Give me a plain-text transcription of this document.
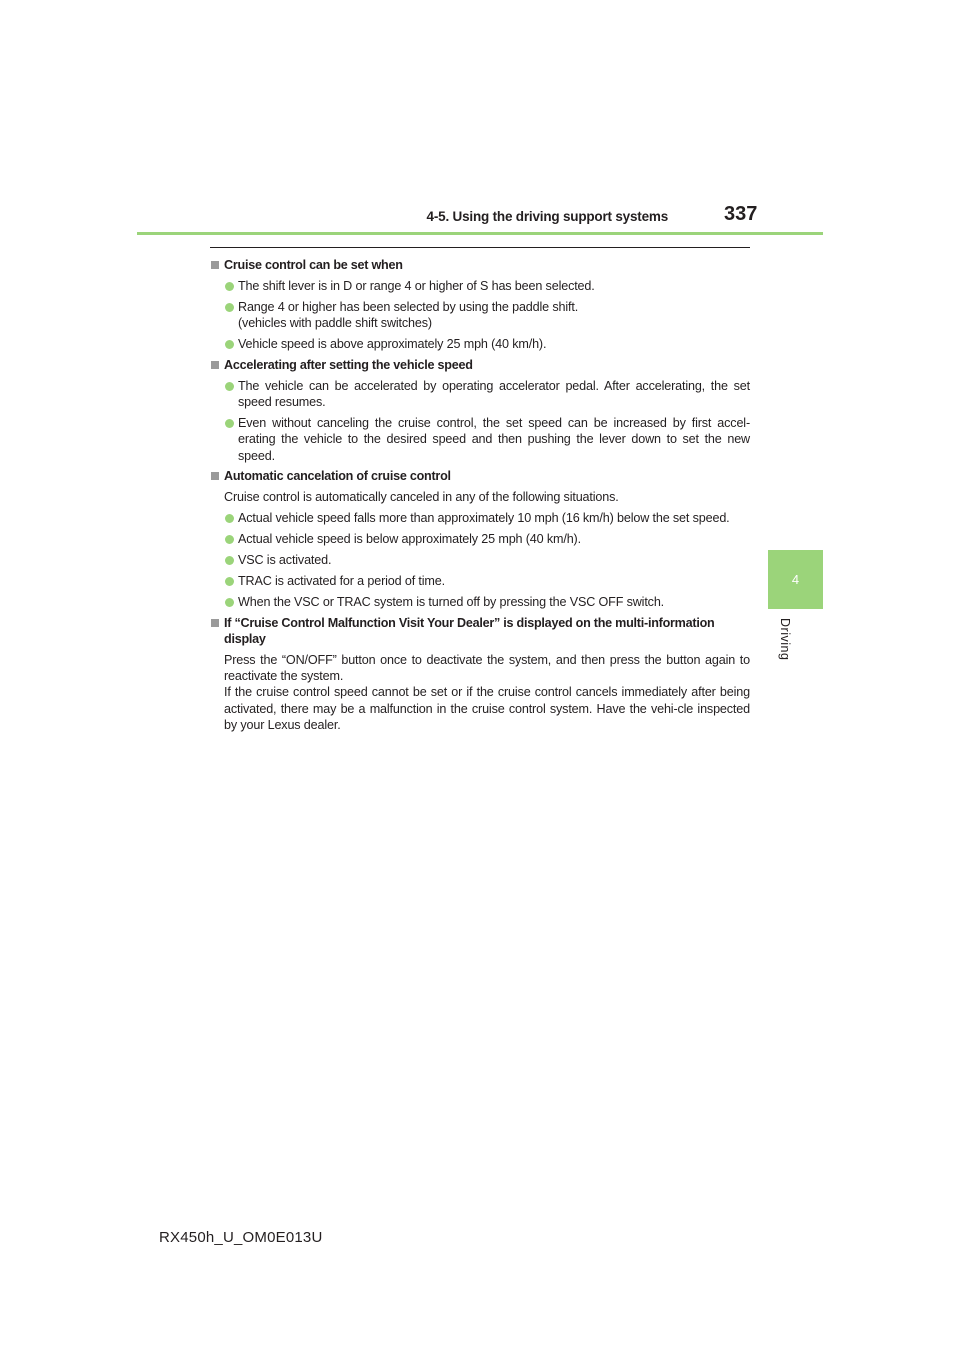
4-5. Using the driving support systems	337
4
Driving
Cruise control can be set when
The shift lever is in D or range 4 or higher of S has been selected.
Range 4 or higher has been selected by using the paddle shift.
(vehicles with paddle shift switches)
Vehicle speed is above approximately 25 mph (40 km/h).
Accelerating after setting the vehicle speed
The vehicle can be accelerated by operating accelerator pedal. After accelerating, the set speed resumes.
Even without canceling the cruise control, the set speed can be increased by first accel-erating the vehicle to the desired speed and then pushing the lever down to set the new speed.
Automatic cancelation of cruise control
Cruise control is automatically canceled in any of the following situations.
Actual vehicle speed falls more than approximately 10 mph (16 km/h) below the set speed.
Actual vehicle speed is below approximately 25 mph (40 km/h).
VSC is activated.
TRAC is activated for a period of time.
When the VSC or TRAC system is turned off by pressing the VSC OFF switch.
If “Cruise Control Malfunction Visit Your Dealer” is displayed on the multi-information display
Press the “ON/OFF” button once to deactivate the system, and then press the button again to reactivate the system.
If the cruise control speed cannot be set or if the cruise control cancels immediately after being activated, there may be a malfunction in the cruise control system. Have the vehi-cle inspected by your Lexus dealer.
RX450h_U_OM0E013U
